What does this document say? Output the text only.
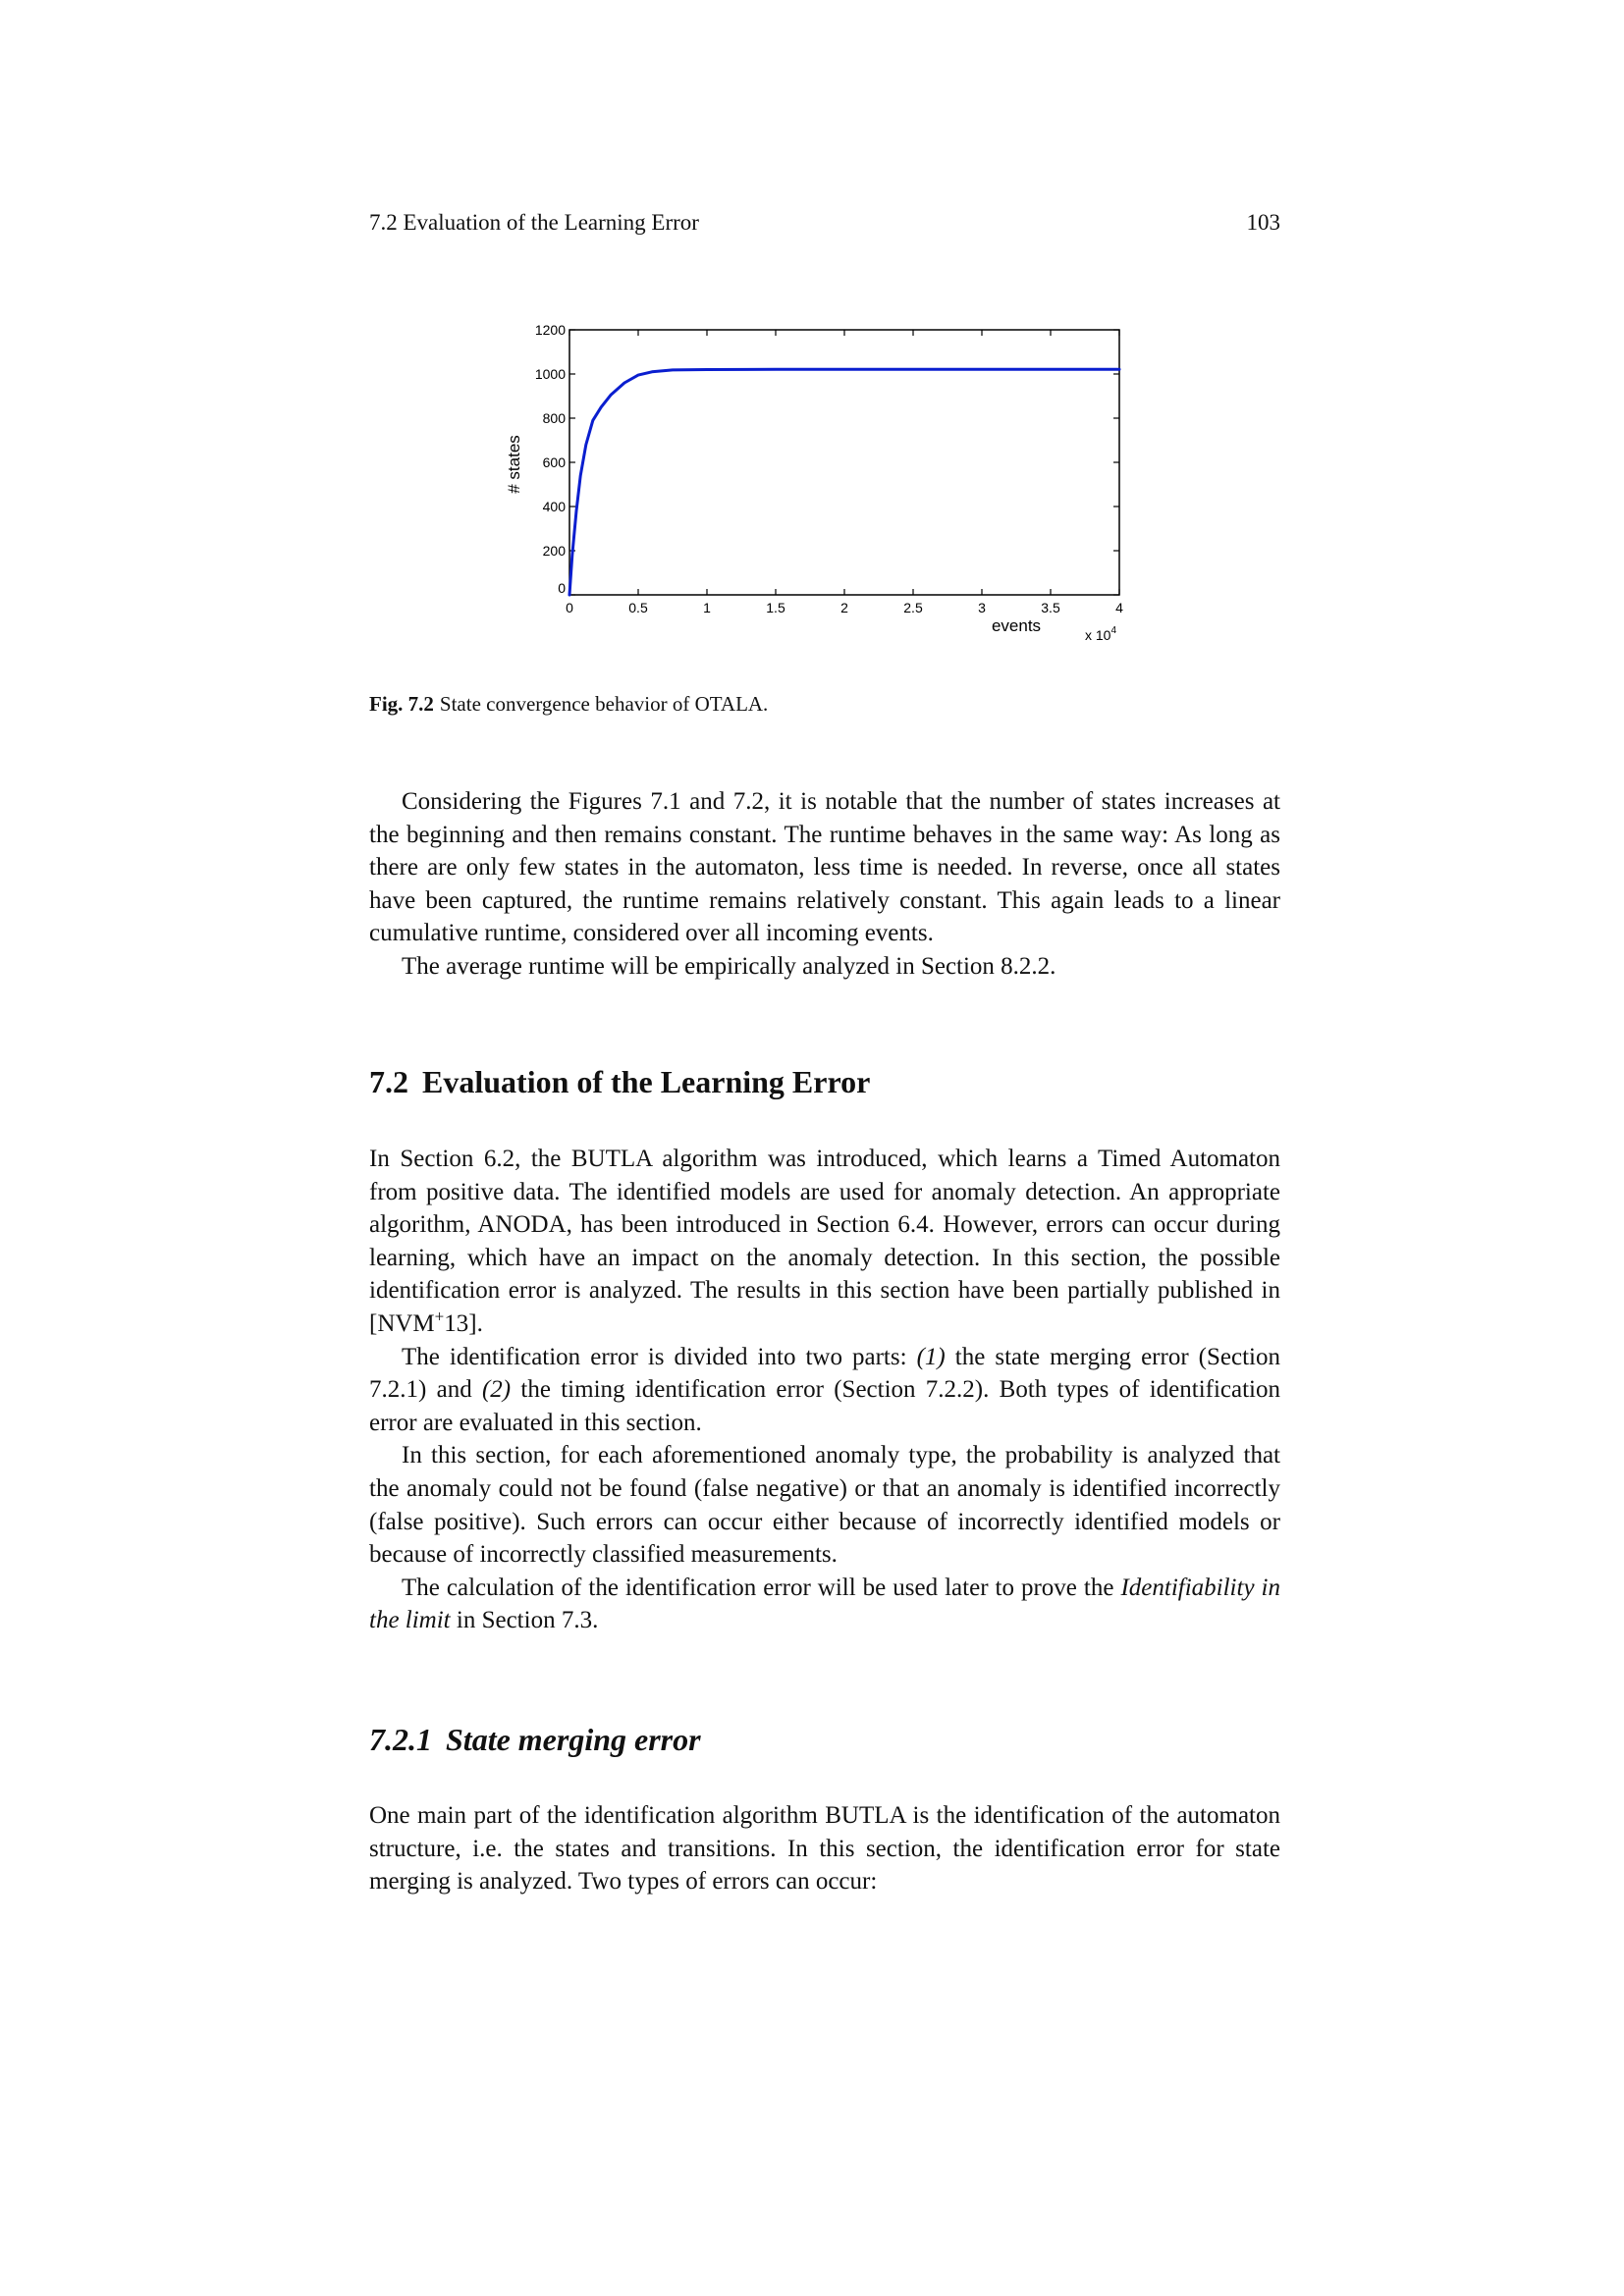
7.2 Evaluation of the Learning Error	103
0	0.5	1	1.5	2	2.5	3	3.5	4
0
200
400
600
800
1000
1200
events	x $10^4$
# states
Fig. 7.2 State convergence behavior of OTALA.

Considering the Figures 7.1 and 7.2, it is notable that the number of states increases at the beginning and then remains constant. The runtime behaves in the same way: As long as there are only few states in the automaton, less time is needed. In reverse, once all states have been captured, the runtime remains relatively constant. This again leads to a linear cumulative runtime, considered over all incoming events.

The average runtime will be empirically analyzed in Section 8.2.2.

7.2 Evaluation of the Learning Error

In Section 6.2, the BUTLA algorithm was introduced, which learns a Timed Automaton from positive data. The identified models are used for anomaly detection. An appropriate algorithm, ANODA, has been introduced in Section 6.4. However, errors can occur during learning, which have an impact on the anomaly detection. In this section, the possible identification error is analyzed. The results in this section have been partially published in [NVM+13].

The identification error is divided into two parts: (1) the state merging error (Section 7.2.1) and (2) the timing identification error (Section 7.2.2). Both types of identification error are evaluated in this section.

In this section, for each aforementioned anomaly type, the probability is analyzed that the anomaly could not be found (false negative) or that an anomaly is identified incorrectly (false positive). Such errors can occur either because of incorrectly identified models or because of incorrectly classified measurements.

The calculation of the identification error will be used later to prove the Identifiability in the limit in Section 7.3.

7.2.1 State merging error

One main part of the identification algorithm BUTLA is the identification of the automaton structure, i.e. the states and transitions. In this section, the identification error for state merging is analyzed. Two types of errors can occur:
